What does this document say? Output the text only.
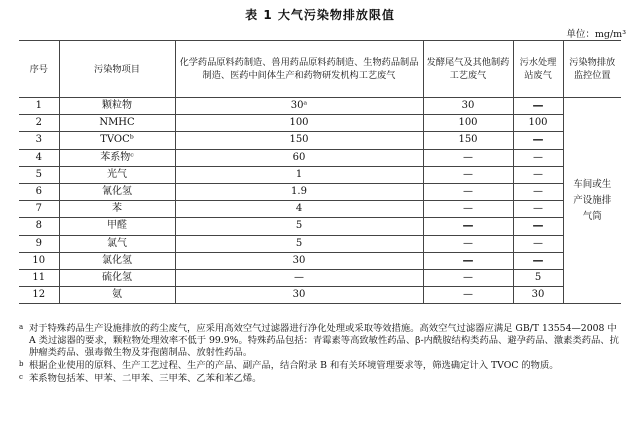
表 1 大气污染物排放限值
单位：mg/m³
序号	污染物项目	化学药品原料药制造、兽用药品原料药制造、生物药品制品制造、医药中间体生产和药物研发机构工艺废气	发酵尾气及其他制药工艺废气	污水处理站废气	污染物排放监控位置
1	颗粒物	30ᵃ	30	—	车间或生产设施排气筒
2	NMHC	100	100	100	
3	TVOCᵇ	150	150	—	
4	苯系物ᶜ	60	—	—	
5	光气	1	—	—	
6	氰化氢	1.9	—	—	
7	苯	4	—	—	
8	甲醛	5	—	—	
9	氯气	5	—	—	
10	氯化氢	30	—	—	
11	硫化氢	—	—	5	
12	氨	30	—	30	
a 对于特殊药品生产设施排放的药尘废气，应采用高效空气过滤器进行净化处理或采取等效措施。高效空气过滤器应满足 GB/T 13554—2008 中 A 类过滤器的要求，颗粒物处理效率不低于 99.9%。特殊药品包括：青霉素等高致敏性药品、β-内酰胺结构类药品、避孕药品、激素类药品、抗肿瘤类药品、强毒微生物及芽孢菌制品、放射性药品。
b 根据企业使用的原料、生产工艺过程、生产的产品、副产品，结合附录 B 和有关环境管理要求等，筛选确定计入 TVOC 的物质。
c 苯系物包括苯、甲苯、二甲苯、三甲苯、乙苯和苯乙烯。
